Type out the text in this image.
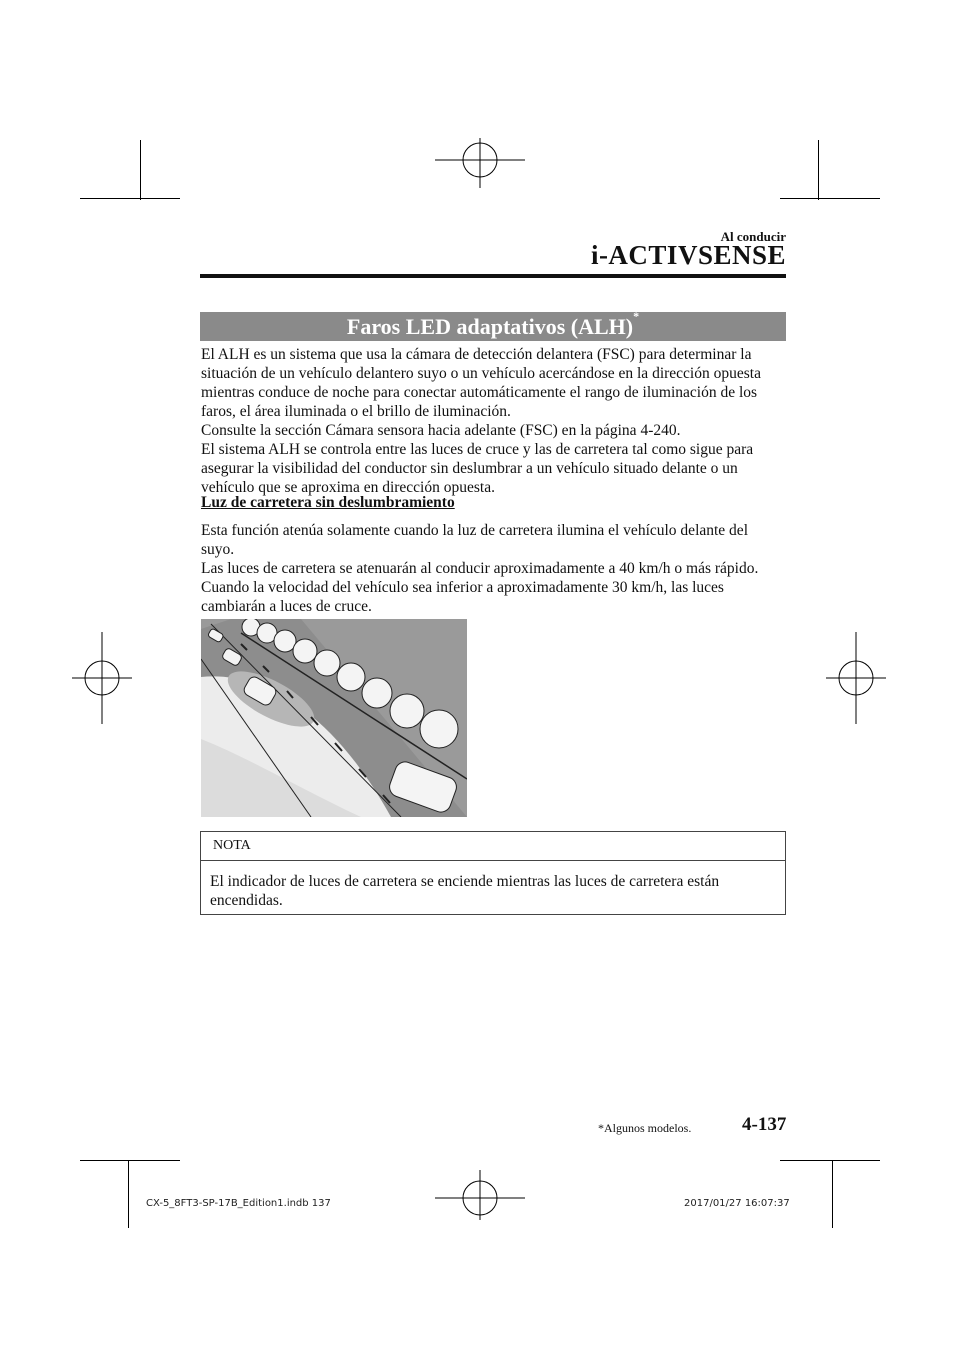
Al conducir
i-ACTIVSENSE
Faros LED adaptativos (ALH)*
El ALH es un sistema que usa la cámara de detección delantera (FSC) para determinar la
situación de un vehículo delantero suyo o un vehículo acercándose en la dirección opuesta
mientras conduce de noche para conectar automáticamente el rango de iluminación de los
faros, el área iluminada o el brillo de iluminación.
Consulte la sección Cámara sensora hacia adelante (FSC) en la página 4-240.
El sistema ALH se controla entre las luces de cruce y las de carretera tal como sigue para
asegurar la visibilidad del conductor sin deslumbrar a un vehículo situado delante o un
vehículo que se aproxima en dirección opuesta.
Luz de carretera sin deslumbramiento
Esta función atenúa solamente cuando la luz de carretera ilumina el vehículo delante del
suyo.
Las luces de carretera se atenuarán al conducir aproximadamente a 40 km/h o más rápido.
Cuando la velocidad del vehículo sea inferior a aproximadamente 30 km/h, las luces
cambiarán a luces de cruce.
NOTA
El indicador de luces de carretera se enciende mientras las luces de carretera están
encendidas.
*Algunos modelos.	4-137
CX-5_8FT3-SP-17B_Edition1.indb 137	2017/01/27 16:07:37
